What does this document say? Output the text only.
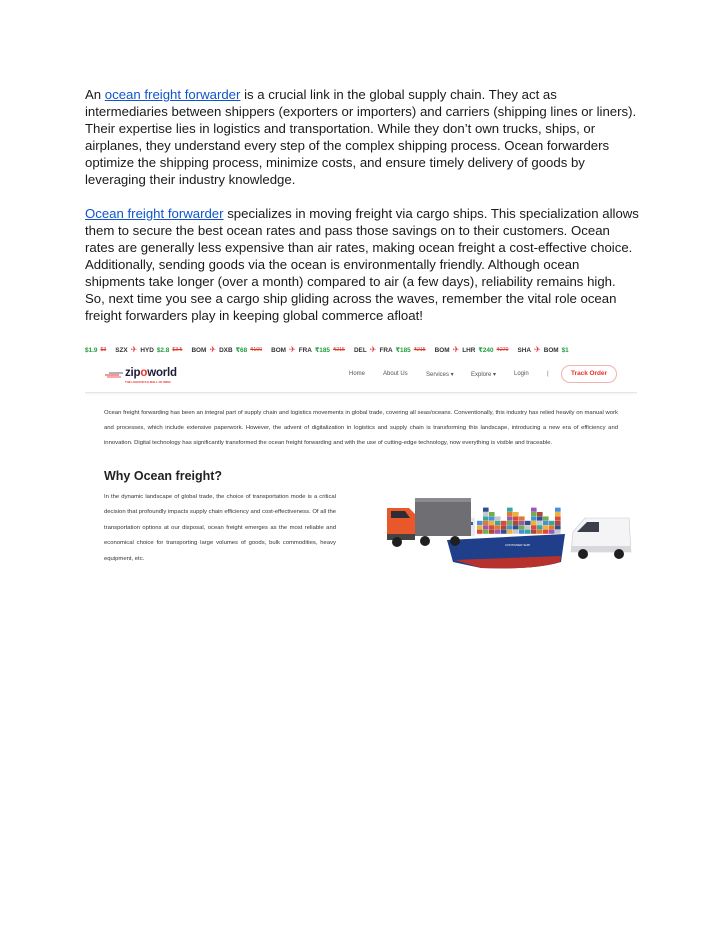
An ocean freight forwarder is a crucial link in the global supply chain. They act as intermediaries between shippers (exporters or importers) and carriers (shipping lines or liners). Their expertise lies in logistics and transportation. While they don’t own trucks, ships, or airplanes, they understand every step of the complex shipping process. Ocean forwarders optimize the shipping process, minimize costs, and ensure timely delivery of goods by leveraging their industry knowledge.

Ocean freight forwarder specializes in moving freight via cargo ships. This specialization allows them to secure the best ocean rates and pass those savings on to their customers. Ocean rates are generally less expensive than air rates, making ocean freight a cost-effective choice. Additionally, sending goods via the ocean is environmentally friendly. Although ocean shipments take longer (over a month) compared to air (a few days), reliability remains high.
So, next time you see a cargo ship gliding across the waves, remember the vital role ocean freight forwarders play in keeping global commerce afloat!

$1.9 $3 SZX ✈ HYD $2.8 $3.5 BOM ✈ DXB ₹68 ₹100 BOM ✈ FRA ₹185 ₹215 DEL ✈ FRA ₹185 ₹215 BOM ✈ LHR ₹240 ₹270 SHA ✈ BOM $1
zipoworld
THE LOGISTICS E-MALL OF INDIA
Home	About Us	Services ▾	Explore ▾	Login	|	Track Order

Ocean freight forwarding has been an integral part of supply chain and logistics movements in global trade, covering all seas/oceans. Conventionally, this industry has relied heavily on manual work and processes, which include extensive paperwork. However, the advent of digitalization in logistics and supply chain is transforming this landscape, introducing a new era of efficiency and innovation. Digital technology has significantly transformed the ocean freight forwarding and with the use of cutting-edge technology, now everything is visible and traceable.

Why Ocean freight?

In the dynamic landscape of global trade, the choice of transportation mode is a critical decision that profoundly impacts supply chain efficiency and cost-effectiveness. Of all the transportation options at our disposal, ocean freight emerges as the most reliable and economical choice for transporting large volumes of goods, bulk commodities, heavy equipment, etc.

CONTAINER SHIP
